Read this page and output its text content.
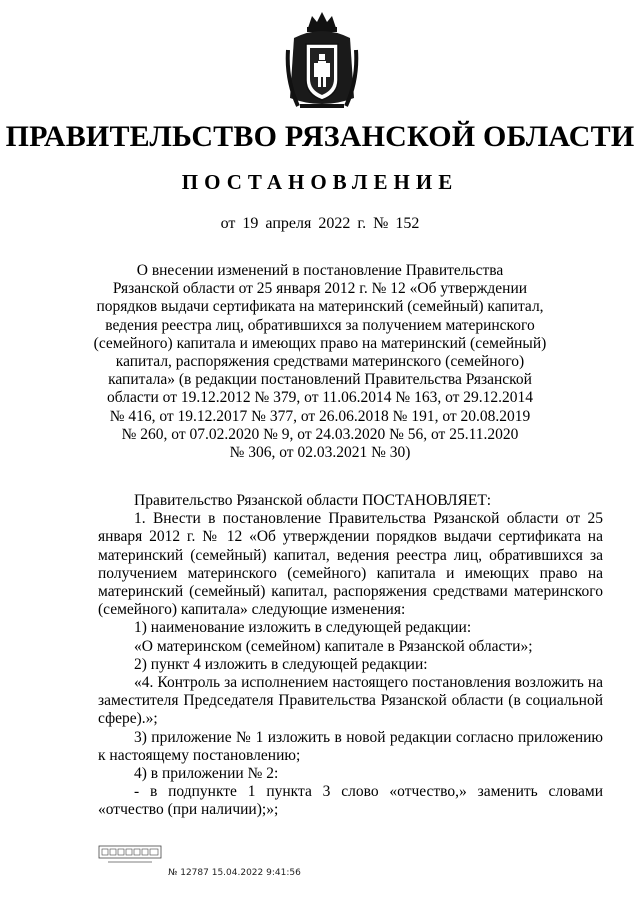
ПРАВИТЕЛЬСТВО РЯЗАНСКОЙ ОБЛАСТИ
ПОСТАНОВЛЕНИЕ
от 19 апреля 2022 г. № 152
О внесении изменений в постановление Правительства
Рязанской области от 25 января 2012 г. № 12 «Об утверждении
порядков выдачи сертификата на материнский (семейный) капитал,
ведения реестра лиц, обратившихся за получением материнского
(семейного) капитала и имеющих право на материнский (семейный)
капитал, распоряжения средствами материнского (семейного)
капитала» (в редакции постановлений Правительства Рязанской
области от 19.12.2012 № 379, от 11.06.2014 № 163, от 29.12.2014
№ 416, от 19.12.2017 № 377, от 26.06.2018 № 191, от 20.08.2019
№ 260, от 07.02.2020 № 9, от 24.03.2020 № 56, от 25.11.2020
№ 306, от 02.03.2021 № 30)

Правительство Рязанской области ПОСТАНОВЛЯЕТ:

1. Внести в постановление Правительства Рязанской области от 25 января 2012 г. № 12 «Об утверждении порядков выдачи сертификата на материнский (семейный) капитал, ведения реестра лиц, обратившихся за получением материнского (семейного) капитала и имеющих право на материнский (семейный) капитал, распоряжения средствами материнского (семейного) капитала» следующие изменения:

1) наименование изложить в следующей редакции:

«О материнском (семейном) капитале в Рязанской области»;

2) пункт 4 изложить в следующей редакции:

«4. Контроль за исполнением настоящего постановления возложить на заместителя Председателя Правительства Рязанской области (в социальной сфере).»;

3) приложение № 1 изложить в новой редакции согласно приложению к настоящему постановлению;

4) в приложении № 2:

- в подпункте 1 пункта 3 слово «отчество,» заменить словами «отчество (при наличии);»;

№ 12787 15.04.2022 9:41:56
